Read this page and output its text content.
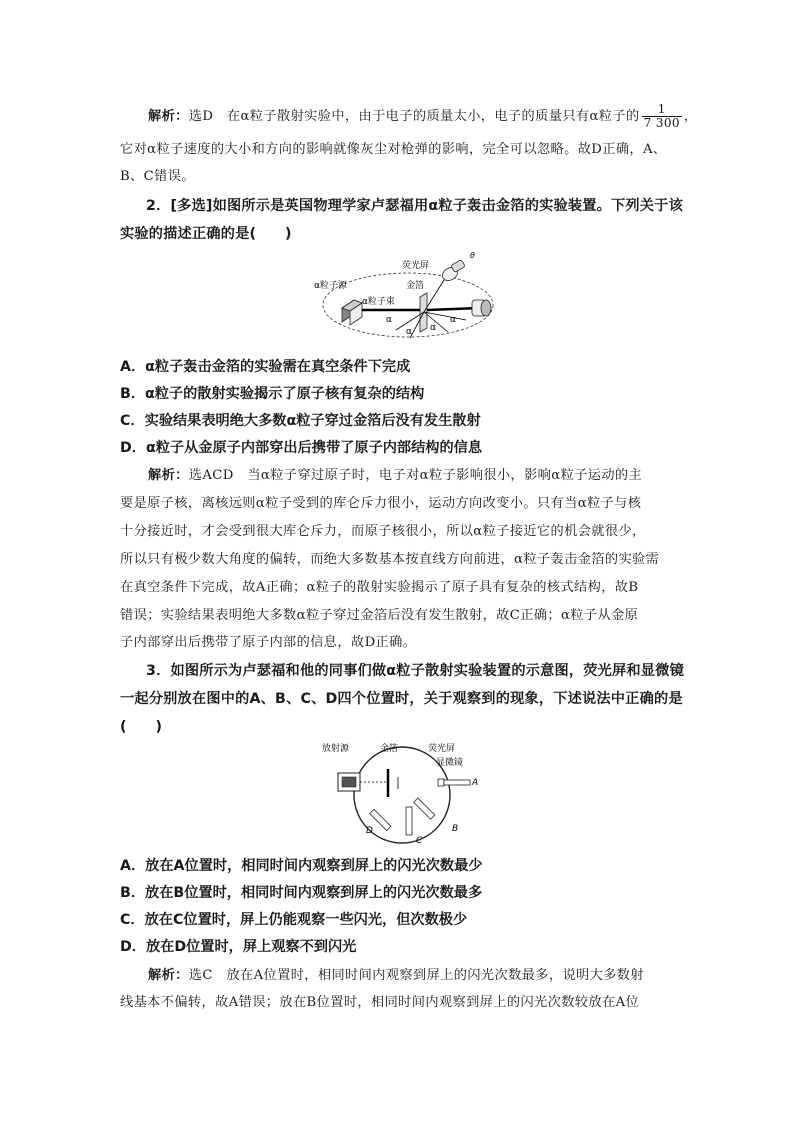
解析：选D　在α粒子散射实验中，由于电子的质量太小，电子的质量只有α粒子的 $\frac{1}{7 300}$ ，
它对α粒子速度的大小和方向的影响就像灰尘对枪弹的影响，完全可以忽略。故D正确，A、
B、C错误。
2．[多选]如图所示是英国物理学家卢瑟福用α粒子轰击金箔的实验装置。下列关于该
实验的描述正确的是(　　)
荧光屏
α粒子源	金箔
α粒子束
α
α α
α
θ
A．α粒子轰击金箔的实验需在真空条件下完成
B．α粒子的散射实验揭示了原子核有复杂的结构
C．实验结果表明绝大多数α粒子穿过金箔后没有发生散射
D．α粒子从金原子内部穿出后携带了原子内部结构的信息
解析：选ACD　当α粒子穿过原子时，电子对α粒子影响很小，影响α粒子运动的主
要是原子核，离核远则α粒子受到的库仑斥力很小，运动方向改变小。只有当α粒子与核
十分接近时，才会受到很大库仑斥力，而原子核很小，所以α粒子接近它的机会就很少，
所以只有极少数大角度的偏转，而绝大多数基本按直线方向前进，α粒子轰击金箔的实验需
在真空条件下完成，故A正确；α粒子的散射实验揭示了原子具有复杂的核式结构，故B
错误；实验结果表明绝大多数α粒子穿过金箔后没有发生散射，故C正确；α粒子从金原
子内部穿出后携带了原子内部的信息，故D正确。
3．如图所示为卢瑟福和他的同事们做α粒子散射实验装置的示意图，荧光屏和显微镜
一起分别放在图中的A、B、C、D四个位置时，关于观察到的现象，下述说法中正确的是
(　　)
放射源	金箔	荧光屏
显微镜
A
B
C
D
A．放在A位置时，相同时间内观察到屏上的闪光次数最少
B．放在B位置时，相同时间内观察到屏上的闪光次数最多
C．放在C位置时，屏上仍能观察一些闪光，但次数极少
D．放在D位置时，屏上观察不到闪光
解析：选C　放在A位置时，相同时间内观察到屏上的闪光次数最多，说明大多数射
线基本不偏转，故A错误；放在B位置时，相同时间内观察到屏上的闪光次数较放在A位
